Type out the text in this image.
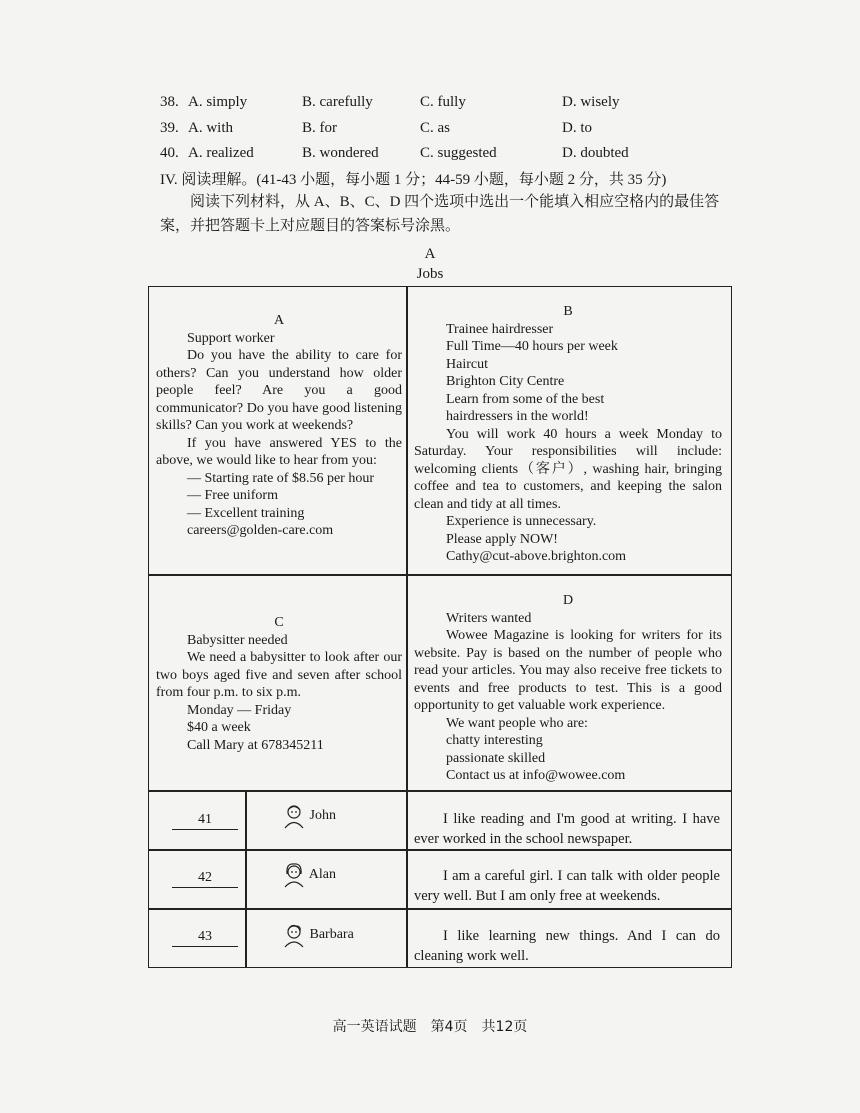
38. A. simply	B. carefully	C. fully	D. wisely
39. A. with	B. for	C. as	D. to
40. A. realized	B. wondered	C. suggested	D. doubted
IV. 阅读理解。(41-43 小题，每小题 1 分；44-59 小题，每小题 2 分，共 35 分)
阅读下列材料，从 A、B、C、D 四个选项中选出一个能填入相应空格内的最佳答案，并把答题卡上对应题目的答案标号涂黑。
A
Jobs

A

Support worker

Do you have the ability to care for others? Can you understand how older people feel? Are you a good communicator? Do you have good listening skills? Can you work at weekends?

If you have answered YES to the above, we would like to hear from you:

— Starting rate of $8.56 per hour

— Free uniform

— Excellent training

careers@golden-care.com

B

Trainee hairdresser

Full Time—40 hours per week

Haircut

Brighton City Centre

Learn from some of the best hairdressers in the world!

You will work 40 hours a week Monday to Saturday. Your responsibilities will include: welcoming clients（客户）, washing hair, bringing coffee and tea to customers, and keeping the salon clean and tidy at all times.

Experience is unnecessary.

Please apply NOW!

Cathy@cut-above.brighton.com

C

Babysitter needed

We need a babysitter to look after our two boys aged five and seven after school from four p.m. to six p.m.

Monday — Friday

$40 a week

Call Mary at 678345211

D

Writers wanted

Wowee Magazine is looking for writers for its website. Pay is based on the number of people who read your articles. You may also receive free tickets to events and free products to test. This is a good opportunity to get valuable work experience.

We want people who are:

chatty interesting

passionate skilled

Contact us at info@wowee.com

41	John	I like reading and I'm good at writing. I have ever worked in the school newspaper.
42	Alan	I am a careful girl. I can talk with older people very well. But I am only free at weekends.
43	Barbara	I like learning new things. And I can do cleaning work well.
高一英语试题　第4页　共12页
